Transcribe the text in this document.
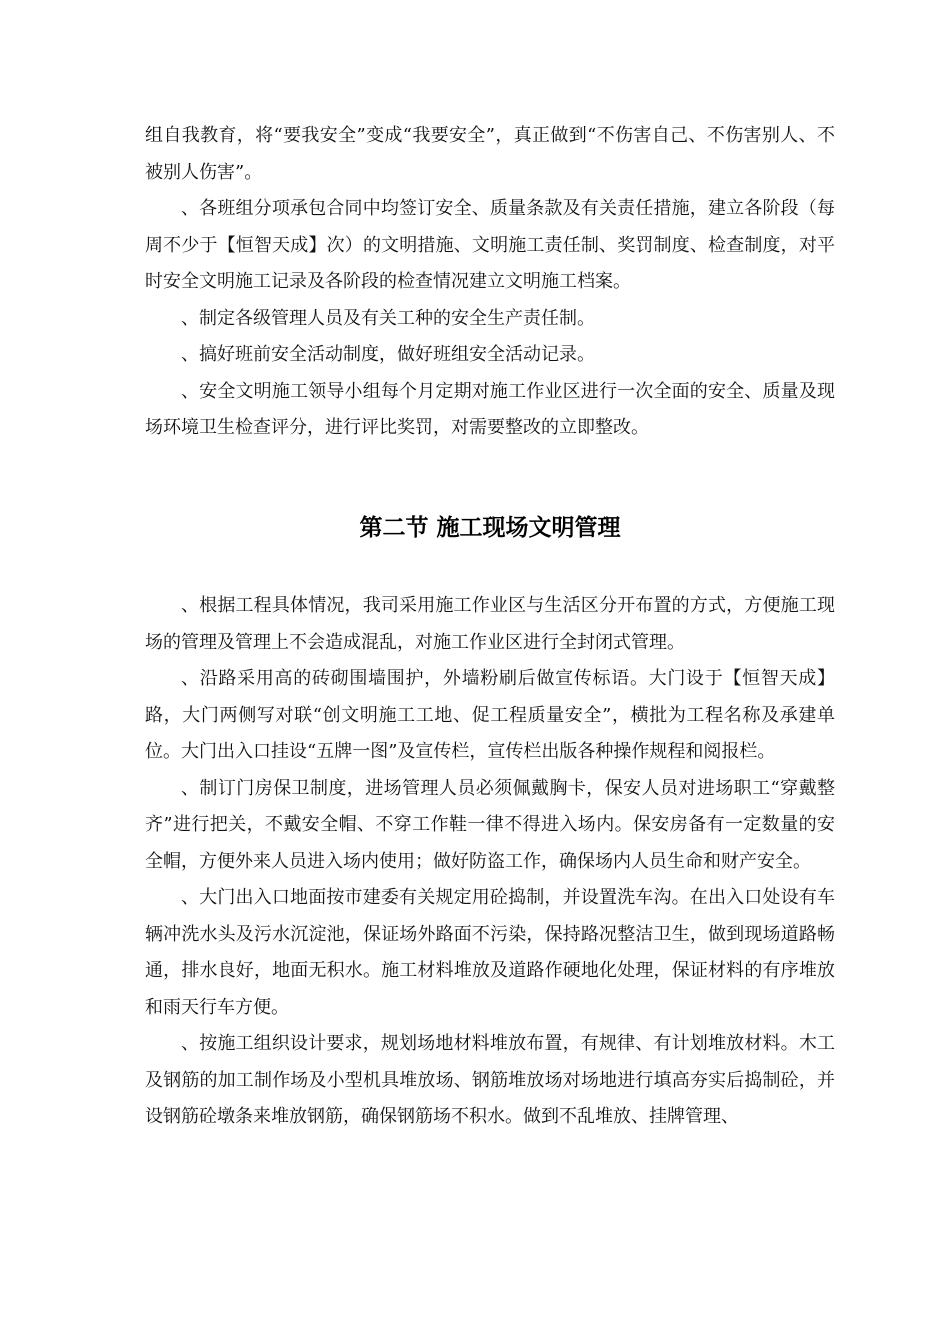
组自我教育，将“要我安全”变成“我要安全”，真正做到“不伤害自己、不伤害别人、不被别人伤害”。

、各班组分项承包合同中均签订安全、质量条款及有关责任措施，建立各阶段（每周不少于【恒智天成】次）的文明措施、文明施工责任制、奖罚制度、检查制度，对平时安全文明施工记录及各阶段的检查情况建立文明施工档案。

、制定各级管理人员及有关工种的安全生产责任制。

、搞好班前安全活动制度，做好班组安全活动记录。

、安全文明施工领导小组每个月定期对施工作业区进行一次全面的安全、质量及现场环境卫生检查评分，进行评比奖罚，对需要整改的立即整改。

第二节 施工现场文明管理

、根据工程具体情况，我司采用施工作业区与生活区分开布置的方式，方便施工现场的管理及管理上不会造成混乱，对施工作业区进行全封闭式管理。

、沿路采用高的砖砌围墙围护，外墙粉刷后做宣传标语。大门设于【恒智天成】路，大门两侧写对联“创文明施工工地、促工程质量安全”，横批为工程名称及承建单位。大门出入口挂设“五牌一图”及宣传栏，宣传栏出版各种操作规程和阅报栏。

、制订门房保卫制度，进场管理人员必须佩戴胸卡，保安人员对进场职工“穿戴整齐”进行把关，不戴安全帽、不穿工作鞋一律不得进入场内。保安房备有一定数量的安全帽，方便外来人员进入场内使用；做好防盗工作，确保场内人员生命和财产安全。

、大门出入口地面按市建委有关规定用砼捣制，并设置洗车沟。在出入口处设有车辆冲洗水头及污水沉淀池，保证场外路面不污染，保持路况整洁卫生，做到现场道路畅通，排水良好，地面无积水。施工材料堆放及道路作硬地化处理，保证材料的有序堆放和雨天行车方便。

、按施工组织设计要求，规划场地材料堆放布置，有规律、有计划堆放材料。木工及钢筋的加工制作场及小型机具堆放场、钢筋堆放场对场地进行填高夯实后捣制砼，并设钢筋砼墩条来堆放钢筋，确保钢筋场不积水。做到不乱堆放、挂牌管理、
